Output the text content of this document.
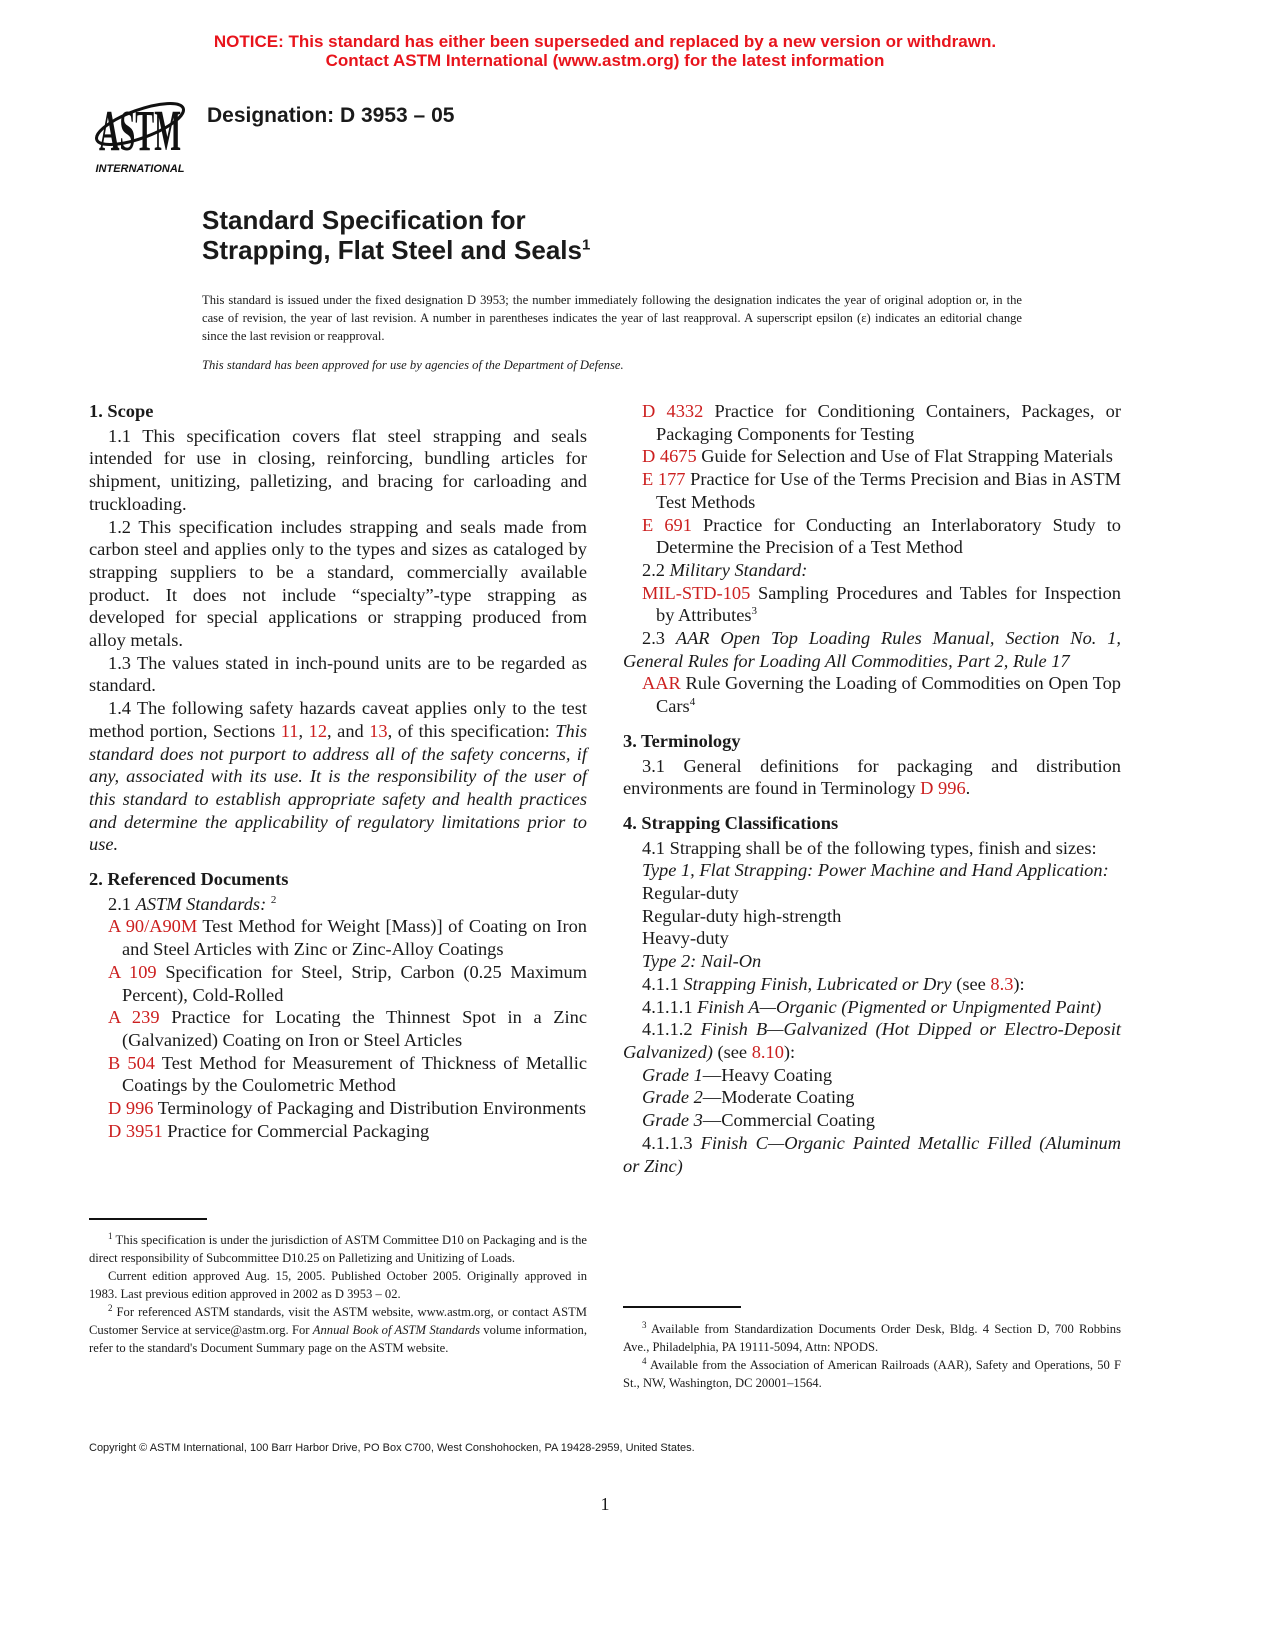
NOTICE: This standard has either been superseded and replaced by a new version or withdrawn.
Contact ASTM International (www.astm.org) for the latest information
ASTM
INTERNATIONAL
Designation: D 3953 – 05
Standard Specification for
Strapping, Flat Steel and Seals$^1$
This standard is issued under the fixed designation D 3953; the number immediately following the designation indicates the year of original adoption or, in the case of revision, the year of last revision. A number in parentheses indicates the year of last reapproval. A superscript epsilon (ε) indicates an editorial change since the last revision or reapproval.
This standard has been approved for use by agencies of the Department of Defense.
1. Scope
1.1 This specification covers flat steel strapping and seals intended for use in closing, reinforcing, bundling articles for shipment, unitizing, palletizing, and bracing for carloading and truckloading.
1.2 This specification includes strapping and seals made from carbon steel and applies only to the types and sizes as cataloged by strapping suppliers to be a standard, commercially available product. It does not include “specialty”-type strapping as developed for special applications or strapping produced from alloy metals.
1.3 The values stated in inch-pound units are to be regarded as standard.
1.4 The following safety hazards caveat applies only to the test method portion, Sections 11, 12, and 13, of this specification: This standard does not purport to address all of the safety concerns, if any, associated with its use. It is the responsibility of the user of this standard to establish appropriate safety and health practices and determine the applicability of regulatory limitations prior to use.
2. Referenced Documents
2.1 ASTM Standards: $^2$
A 90/A90M Test Method for Weight [Mass)] of Coating on Iron and Steel Articles with Zinc or Zinc-Alloy Coatings
A 109 Specification for Steel, Strip, Carbon (0.25 Maximum Percent), Cold-Rolled
A 239 Practice for Locating the Thinnest Spot in a Zinc (Galvanized) Coating on Iron or Steel Articles
B 504 Test Method for Measurement of Thickness of Metallic Coatings by the Coulometric Method
D 996 Terminology of Packaging and Distribution Environments
D 3951 Practice for Commercial Packaging
D 4332 Practice for Conditioning Containers, Packages, or Packaging Components for Testing
D 4675 Guide for Selection and Use of Flat Strapping Materials
E 177 Practice for Use of the Terms Precision and Bias in ASTM Test Methods
E 691 Practice for Conducting an Interlaboratory Study to Determine the Precision of a Test Method
2.2 Military Standard:
MIL-STD-105 Sampling Procedures and Tables for Inspection by Attributes$^3$
2.3 AAR Open Top Loading Rules Manual, Section No. 1, General Rules for Loading All Commodities, Part 2, Rule 17
AAR Rule Governing the Loading of Commodities on Open Top Cars$^4$
3. Terminology
3.1 General definitions for packaging and distribution environments are found in Terminology D 996.
4. Strapping Classifications
4.1 Strapping shall be of the following types, finish and sizes:
Type 1, Flat Strapping: Power Machine and Hand Application:
Regular-duty
Regular-duty high-strength
Heavy-duty
Type 2: Nail-On
4.1.1 Strapping Finish, Lubricated or Dry (see 8.3):
4.1.1.1 Finish A—Organic (Pigmented or Unpigmented Paint)
4.1.1.2 Finish B—Galvanized (Hot Dipped or Electro-Deposit Galvanized) (see 8.10):
Grade 1—Heavy Coating
Grade 2—Moderate Coating
Grade 3—Commercial Coating
4.1.1.3 Finish C—Organic Painted Metallic Filled (Aluminum or Zinc)

$^1$ This specification is under the jurisdiction of ASTM Committee D10 on Packaging and is the direct responsibility of Subcommittee D10.25 on Palletizing and Unitizing of Loads.

Current edition approved Aug. 15, 2005. Published October 2005. Originally approved in 1983. Last previous edition approved in 2002 as D 3953 – 02.

$^2$ For referenced ASTM standards, visit the ASTM website, www.astm.org, or contact ASTM Customer Service at service@astm.org. For Annual Book of ASTM Standards volume information, refer to the standard's Document Summary page on the ASTM website.

$^3$ Available from Standardization Documents Order Desk, Bldg. 4 Section D, 700 Robbins Ave., Philadelphia, PA 19111-5094, Attn: NPODS.

$^4$ Available from the Association of American Railroads (AAR), Safety and Operations, 50 F St., NW, Washington, DC 20001–1564.

Copyright © ASTM International, 100 Barr Harbor Drive, PO Box C700, West Conshohocken, PA 19428-2959, United States.
1
